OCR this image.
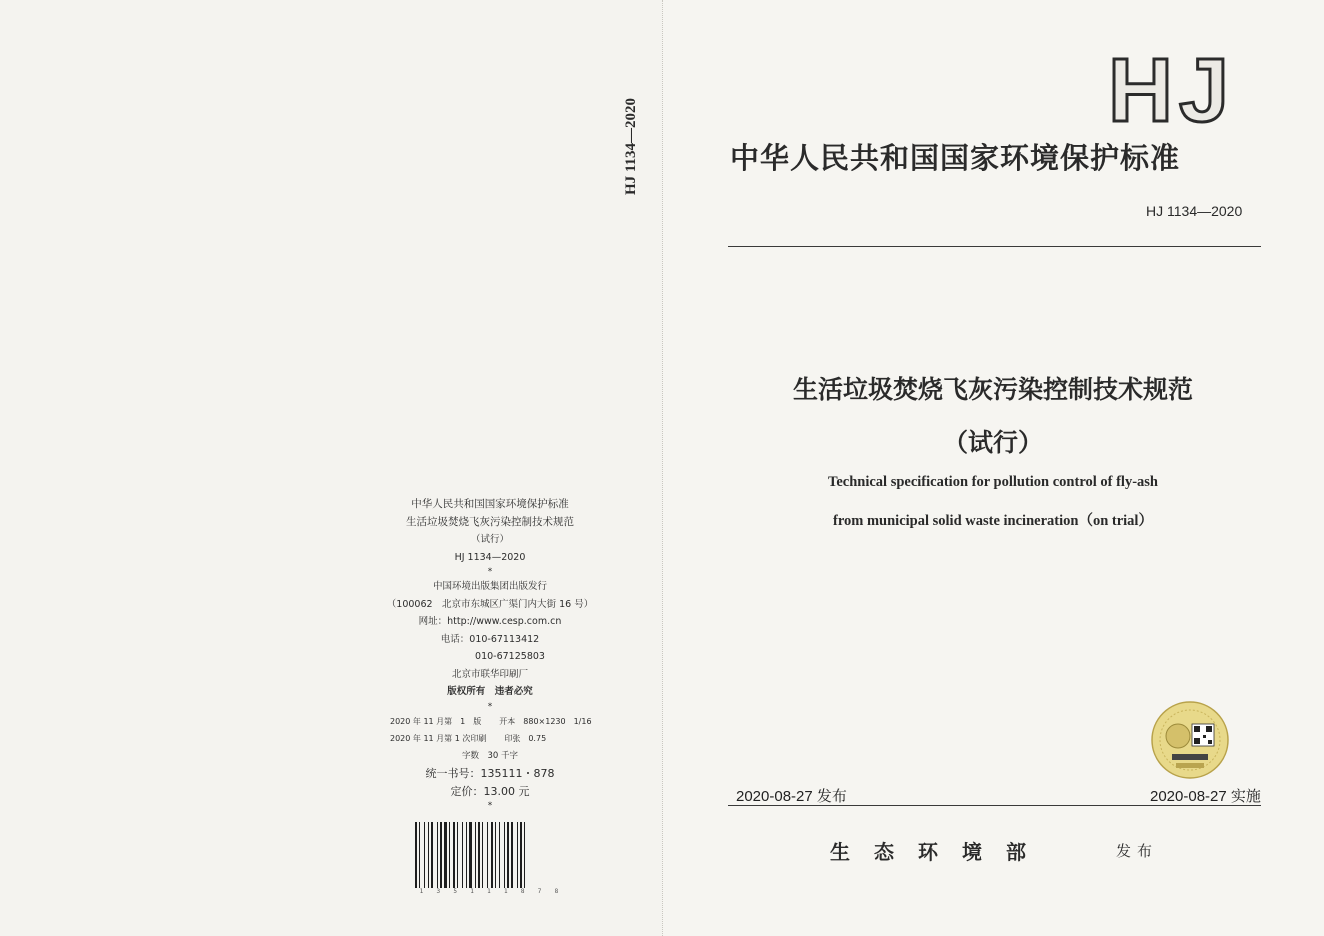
HJ 1134—2020
中华人民共和国国家环境保护标准
生活垃圾焚烧飞灰污染控制技术规范
（试行）
HJ 1134—2020
*
中国环境出版集团出版发行
（100062　北京市东城区广渠门内大街 16 号）
网址：http://www.cesp.com.cn
电话：010-67113412
010-67125803
北京市联华印刷厂
版权所有　违者必究
*
2020 年 11 月第　1　版 开本　880×1230　1/16
2020 年 11 月第 1 次印刷 印张　0.75
字数　30 千字
统一书号：135111・878
定价：13.00 元
*
1 3 5 1 1 1 8 7 8
HJ
中华人民共和国国家环境保护标准
HJ 1134—2020
生活垃圾焚烧飞灰污染控制技术规范
（试行）
Technical specification for pollution control of fly-ash
from municipal solid waste incineration（on trial）
2020-08-27 发布	2020-08-27 实施
生态环境部	发布
